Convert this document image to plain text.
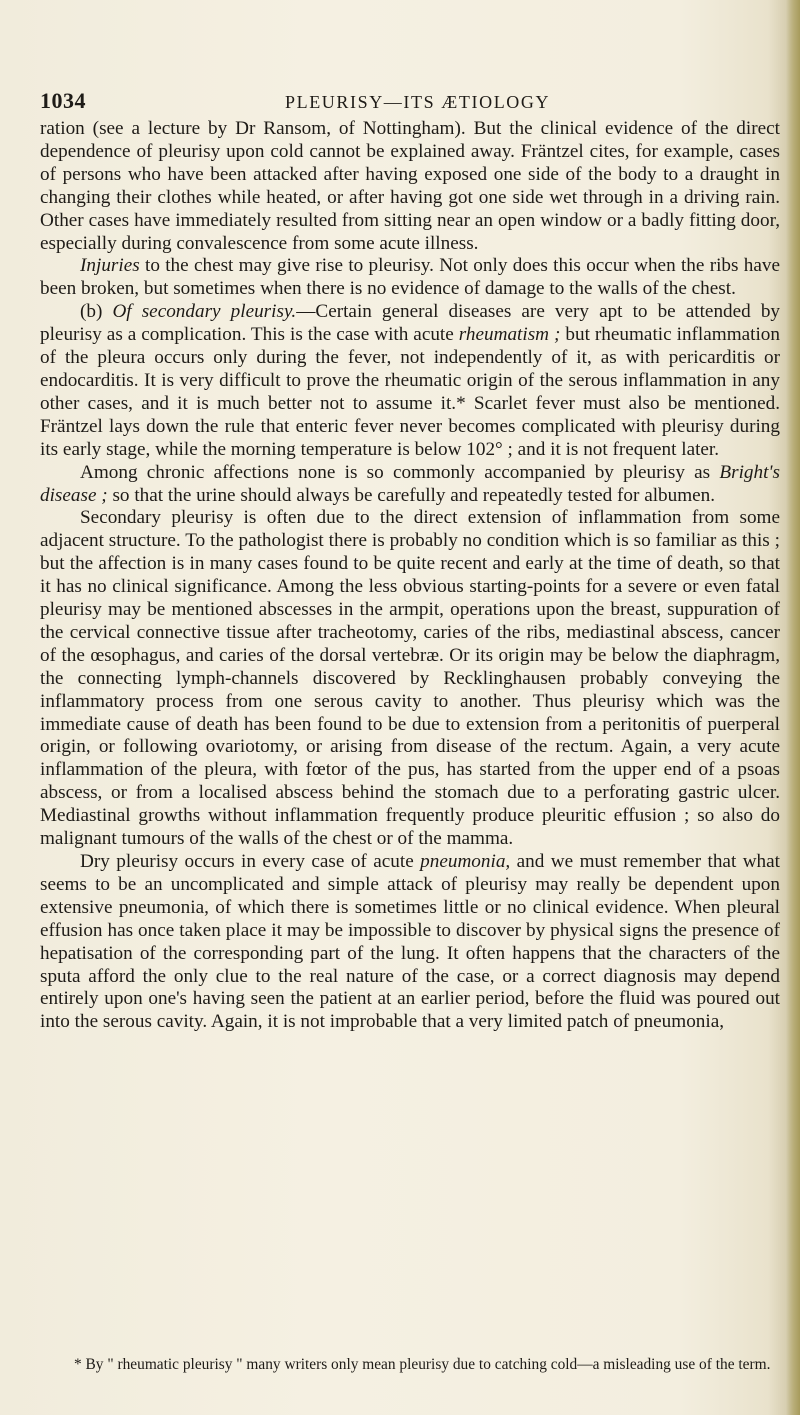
1034	PLEURISY—ITS ÆTIOLOGY

ration (see a lecture by Dr Ransom, of Nottingham). But the clinical evidence of the direct dependence of pleurisy upon cold cannot be explained away. Fräntzel cites, for example, cases of persons who have been attacked after having exposed one side of the body to a draught in changing their clothes while heated, or after having got one side wet through in a driving rain. Other cases have immediately resulted from sitting near an open window or a badly fitting door, especially during convalescence from some acute illness.

Injuries to the chest may give rise to pleurisy. Not only does this occur when the ribs have been broken, but sometimes when there is no evidence of damage to the walls of the chest.

(b) Of secondary pleurisy.—Certain general diseases are very apt to be attended by pleurisy as a complication. This is the case with acute rheumatism ; but rheumatic inflammation of the pleura occurs only during the fever, not independently of it, as with pericarditis or endocarditis. It is very difficult to prove the rheumatic origin of the serous inflammation in any other cases, and it is much better not to assume it.* Scarlet fever must also be mentioned. Fräntzel lays down the rule that enteric fever never becomes complicated with pleurisy during its early stage, while the morning temperature is below 102° ; and it is not frequent later.

Among chronic affections none is so commonly accompanied by pleurisy as Bright's disease ; so that the urine should always be carefully and repeatedly tested for albumen.

Secondary pleurisy is often due to the direct extension of inflammation from some adjacent structure. To the pathologist there is probably no condition which is so familiar as this ; but the affection is in many cases found to be quite recent and early at the time of death, so that it has no clinical significance. Among the less obvious starting-points for a severe or even fatal pleurisy may be mentioned abscesses in the armpit, operations upon the breast, suppuration of the cervical connective tissue after tracheotomy, caries of the ribs, mediastinal abscess, cancer of the œsophagus, and caries of the dorsal vertebræ. Or its origin may be below the diaphragm, the connecting lymph-channels discovered by Recklinghausen probably conveying the inflammatory process from one serous cavity to another. Thus pleurisy which was the immediate cause of death has been found to be due to extension from a peritonitis of puerperal origin, or following ovariotomy, or arising from disease of the rectum. Again, a very acute inflammation of the pleura, with fœtor of the pus, has started from the upper end of a psoas abscess, or from a localised abscess behind the stomach due to a perforating gastric ulcer. Mediastinal growths without inflammation frequently produce pleuritic effusion ; so also do malignant tumours of the walls of the chest or of the mamma.

Dry pleurisy occurs in every case of acute pneumonia, and we must remember that what seems to be an uncomplicated and simple attack of pleurisy may really be dependent upon extensive pneumonia, of which there is sometimes little or no clinical evidence. When pleural effusion has once taken place it may be impossible to discover by physical signs the presence of hepatisation of the corresponding part of the lung. It often happens that the characters of the sputa afford the only clue to the real nature of the case, or a correct diagnosis may depend entirely upon one's having seen the patient at an earlier period, before the fluid was poured out into the serous cavity. Again, it is not improbable that a very limited patch of pneumonia,

* By " rheumatic pleurisy " many writers only mean pleurisy due to catching cold—a misleading use of the term.
